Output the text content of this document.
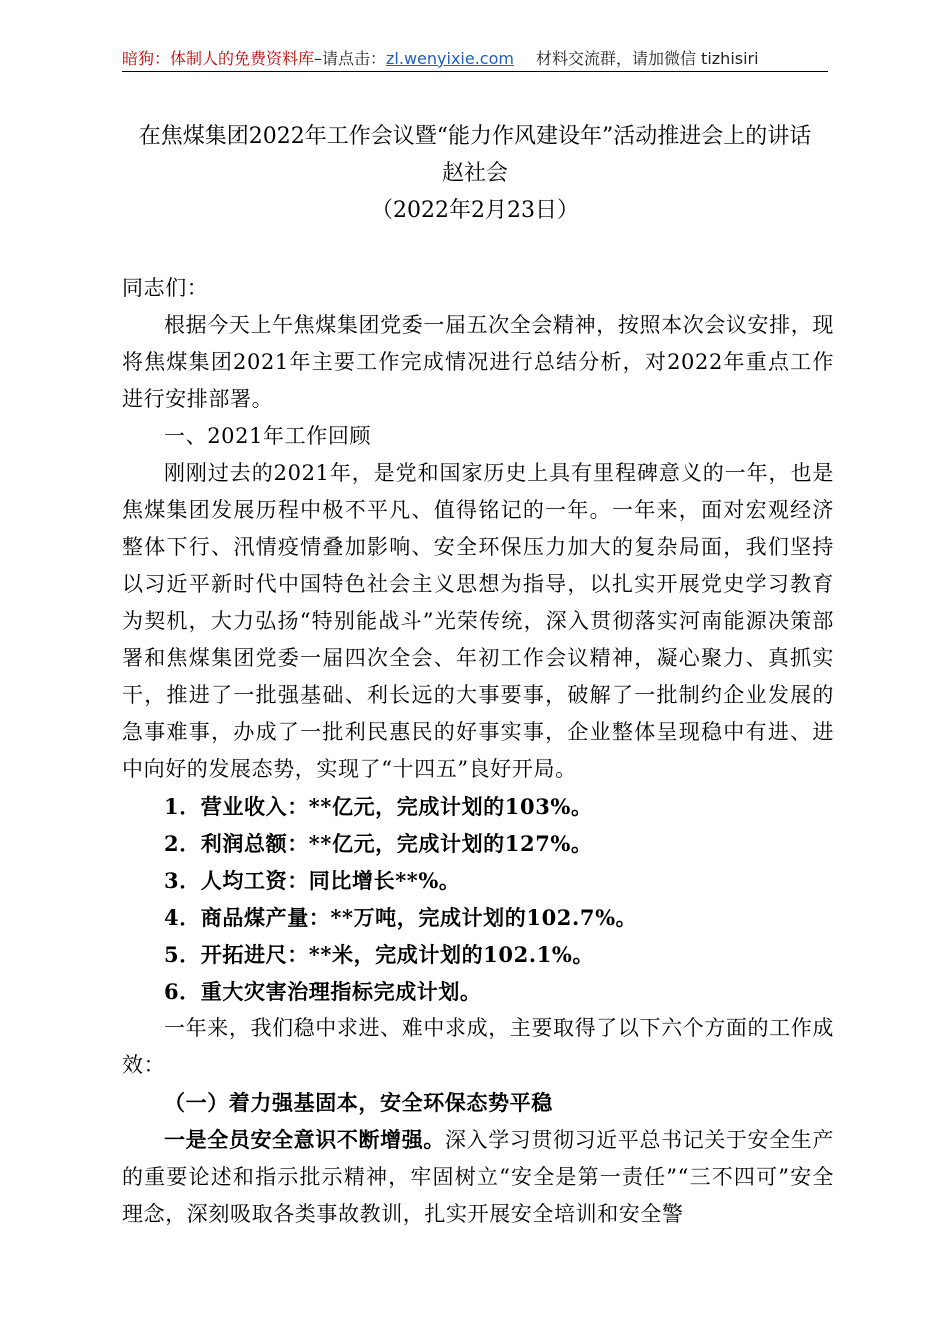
暗狗：体制人的免费资料库–请点击：zl.wenyixie.com 材料交流群，请加微信 tizhisiri
在焦煤集团2022年工作会议暨“能力作风建设年”活动推进会上的讲话
赵社会
（2022年2月23日）

同志们：

根据今天上午焦煤集团党委一届五次全会精神，按照本次会议安排，现将焦煤集团2021年主要工作完成情况进行总结分析，对2022年重点工作进行安排部署。

一、2021年工作回顾

刚刚过去的2021年，是党和国家历史上具有里程碑意义的一年，也是焦煤集团发展历程中极不平凡、值得铭记的一年。一年来，面对宏观经济整体下行、汛情疫情叠加影响、安全环保压力加大的复杂局面，我们坚持以习近平新时代中国特色社会主义思想为指导，以扎实开展党史学习教育为契机，大力弘扬“特别能战斗”光荣传统，深入贯彻落实河南能源决策部署和焦煤集团党委一届四次全会、年初工作会议精神，凝心聚力、真抓实干，推进了一批强基础、利长远的大事要事，破解了一批制约企业发展的急事难事，办成了一批利民惠民的好事实事，企业整体呈现稳中有进、进中向好的发展态势，实现了“十四五”良好开局。

1．营业收入：**亿元，完成计划的103%。

2．利润总额：**亿元，完成计划的127%。

3．人均工资：同比增长**%。

4．商品煤产量：**万吨，完成计划的102.7%。

5．开拓进尺：**米，完成计划的102.1%。

6．重大灾害治理指标完成计划。

一年来，我们稳中求进、难中求成，主要取得了以下六个方面的工作成效：

（一）着力强基固本，安全环保态势平稳

一是全员安全意识不断增强。深入学习贯彻习近平总书记关于安全生产的重要论述和指示批示精神，牢固树立“安全是第一责任”“三不四可”安全理念，深刻吸取各类事故教训，扎实开展安全培训和安全警
